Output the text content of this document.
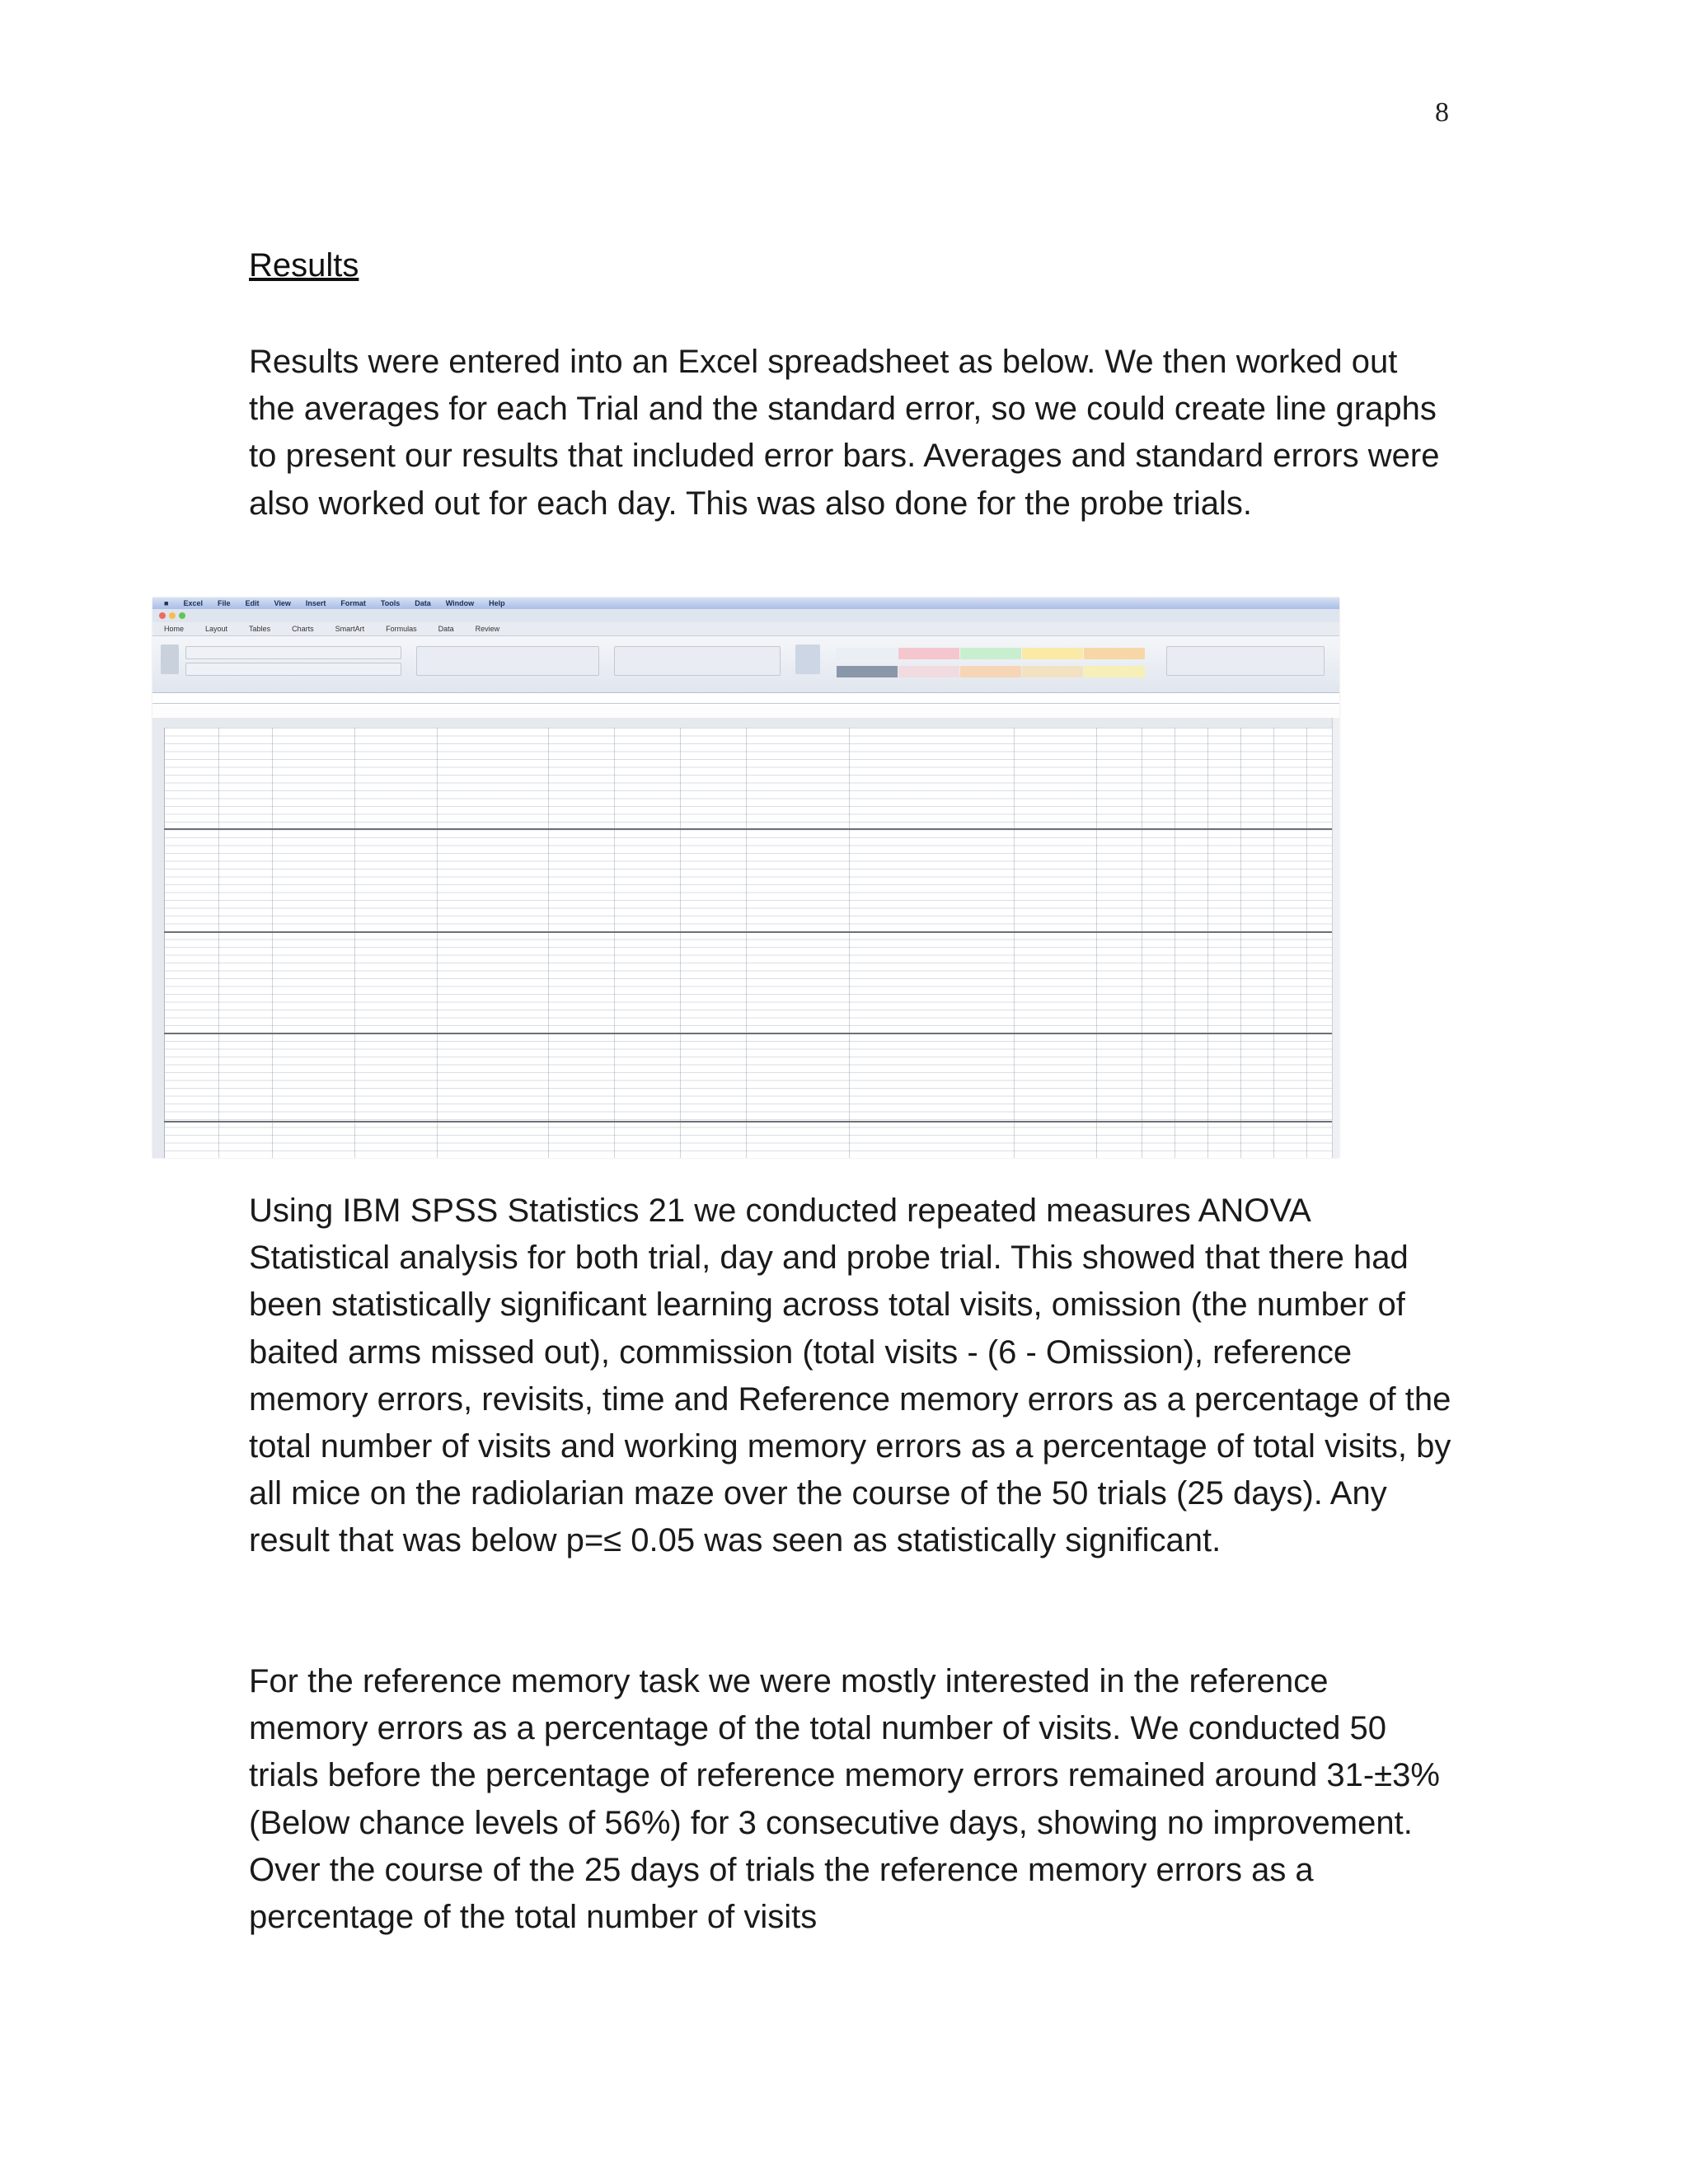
8
Results

Results were entered into an Excel spreadsheet as below. We then worked out the averages for each Trial and the standard error, so we could create line graphs to present our results that included error bars. Averages and standard errors were also worked out for each day. This was also done for the probe trials.

■ Excel File Edit View Insert Format Tools Data Window Help
Home	Layout	Tables	Charts	SmartArt	Formulas	Data	Review

Using IBM SPSS Statistics 21 we conducted repeated measures ANOVA Statistical analysis for both trial, day and probe trial. This showed that there had been statistically significant learning across total visits, omission (the number of baited arms missed out), commission (total visits - (6 - Omission), reference memory errors, revisits, time and Reference memory errors as a percentage of the total number of visits and working memory errors as a percentage of total visits, by all mice on the radiolarian maze over the course of the 50 trials (25 days). Any result that was below p=≤ 0.05 was seen as statistically significant.

For the reference memory task we were mostly interested in the reference memory errors as a percentage of the total number of visits. We conducted 50 trials before the percentage of reference memory errors remained around 31-±3% (Below chance levels of 56%) for 3 consecutive days, showing no improvement. Over the course of the 25 days of trials the reference memory errors as a percentage of the total number of visits
